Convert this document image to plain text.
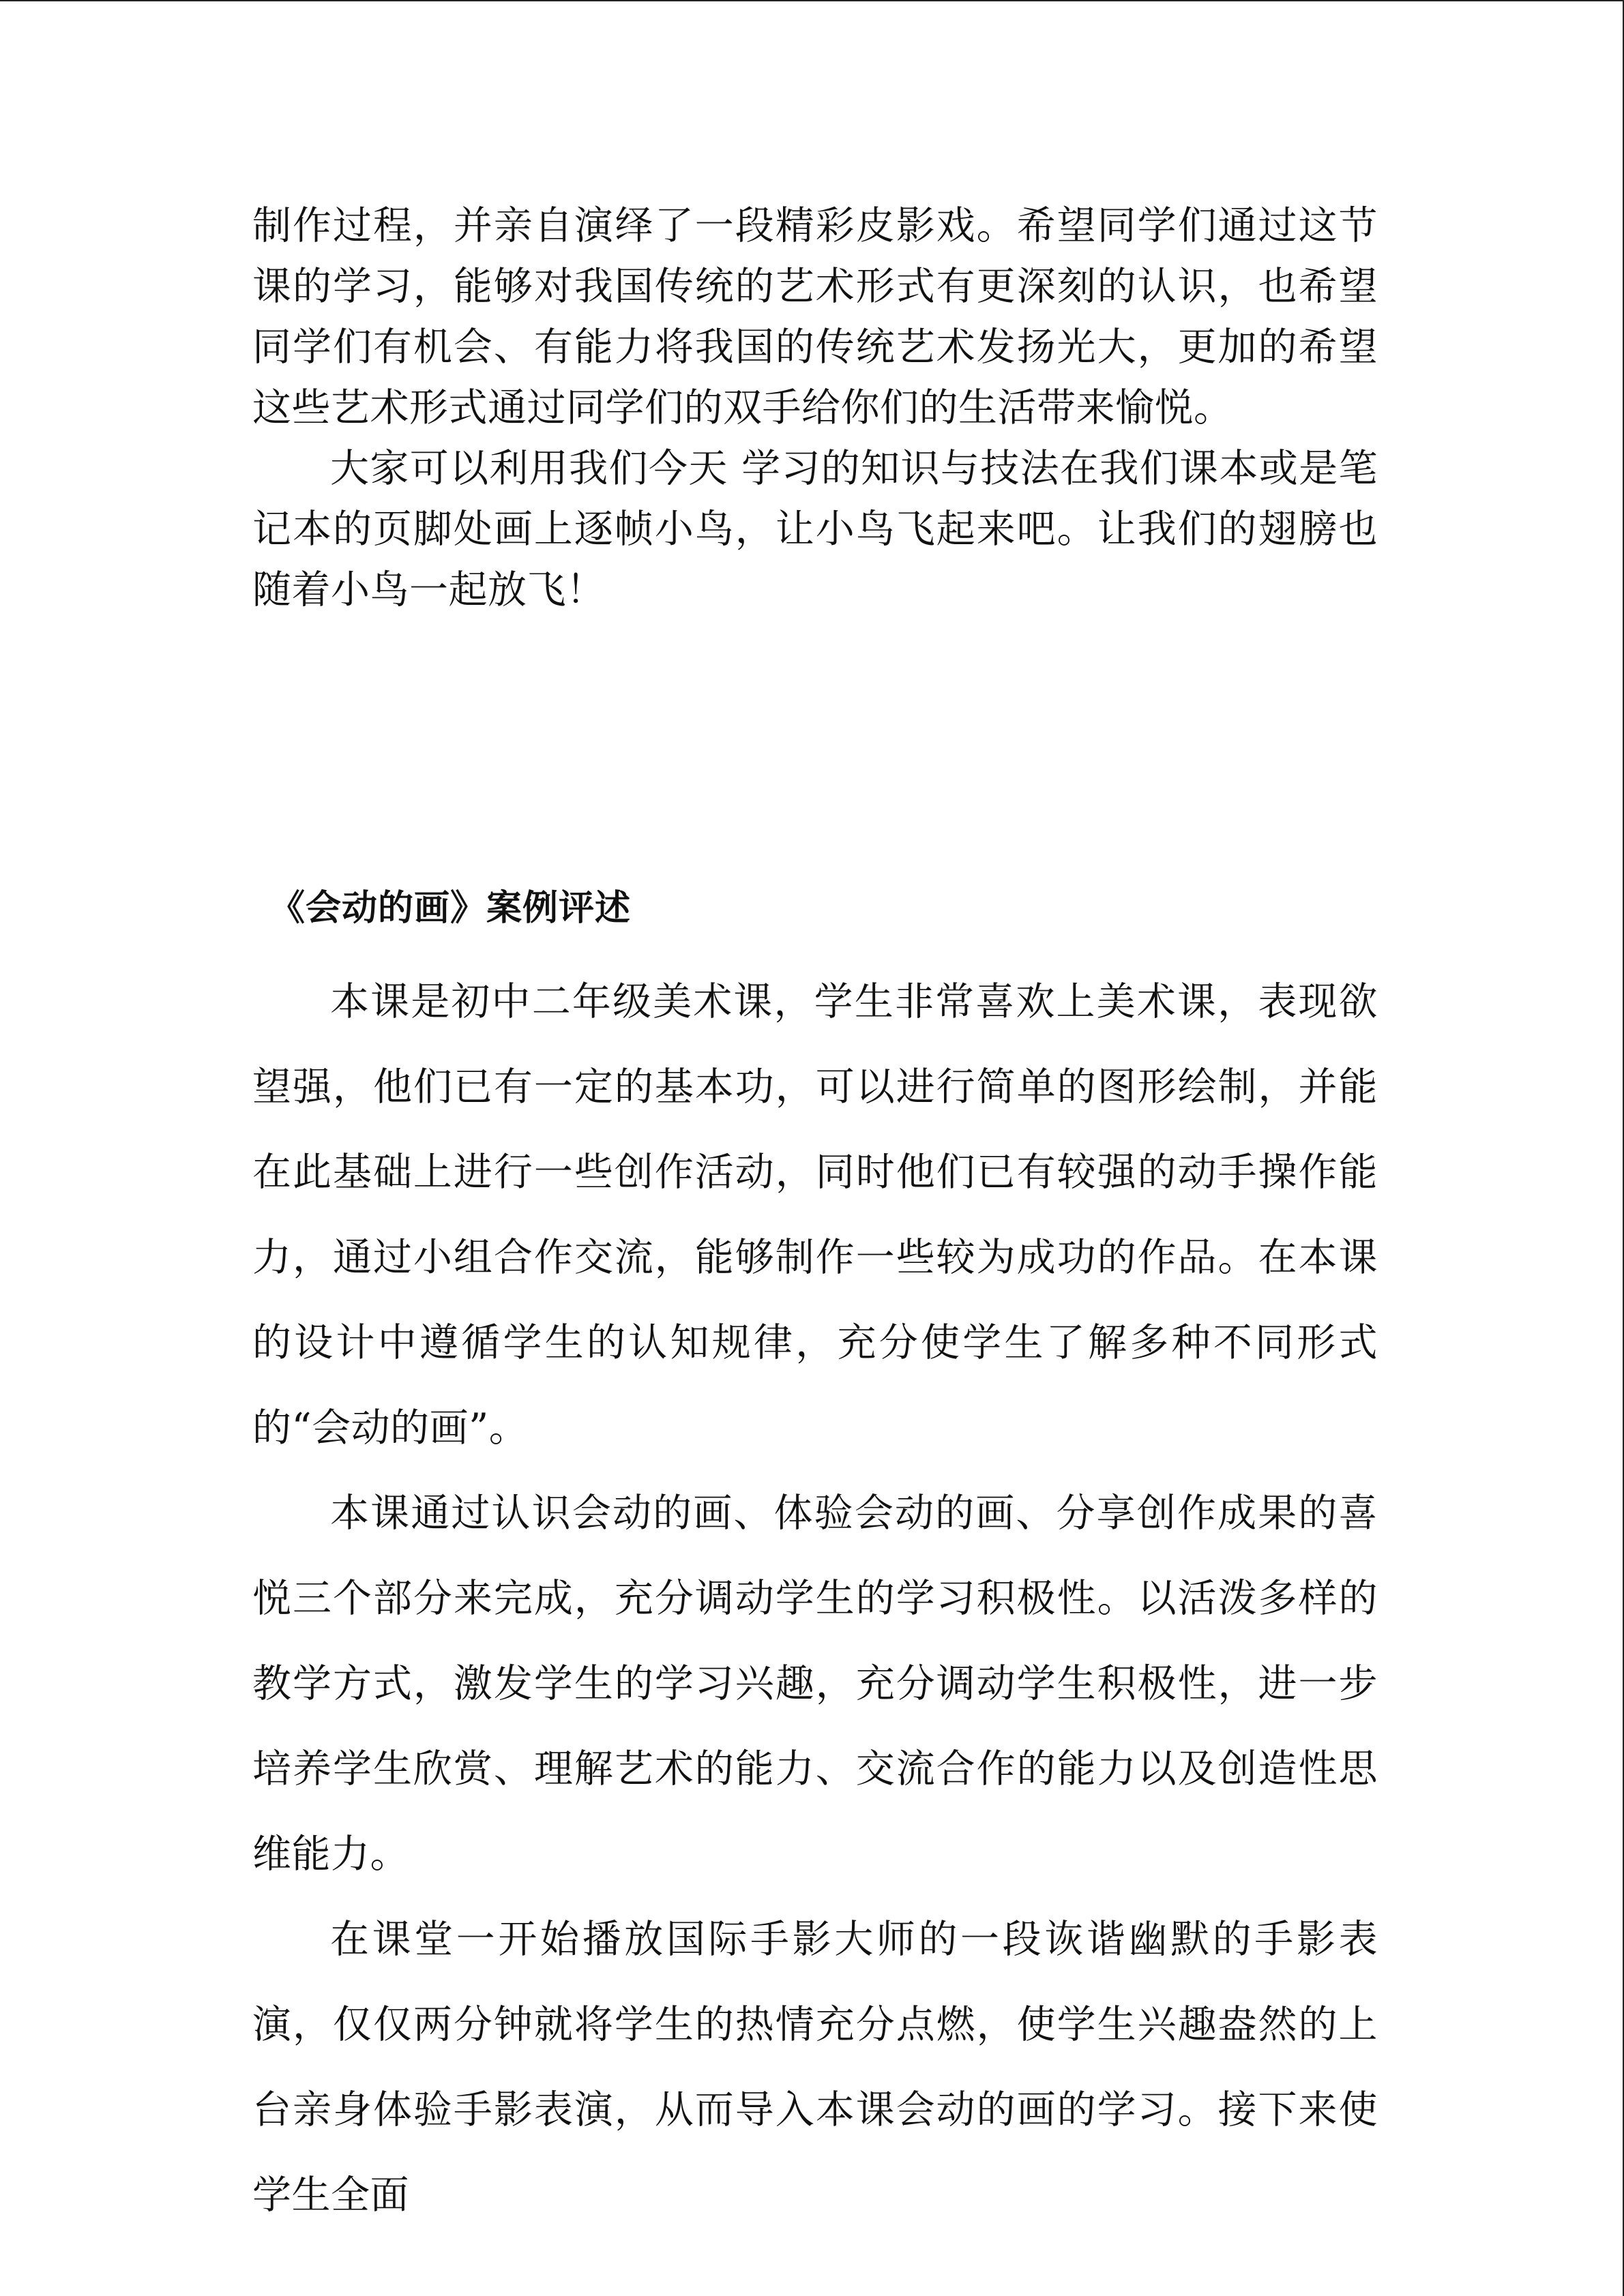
制作过程，并亲自演绎了一段精彩皮影戏。希望同学们通过这节课的学习，能够对我国传统的艺术形式有更深刻的认识，也希望同学们有机会、有能力将我国的传统艺术发扬光大，更加的希望这些艺术形式通过同学们的双手给你们的生活带来愉悦。

大家可以利用我们今天 学习的知识与技法在我们课本或是笔记本的页脚处画上逐帧小鸟，让小鸟飞起来吧。让我们的翅膀也随着小鸟一起放飞！

《会动的画》案例评述

本课是初中二年级美术课，学生非常喜欢上美术课，表现欲望强，他们已有一定的基本功，可以进行简单的图形绘制，并能在此基础上进行一些创作活动，同时他们已有较强的动手操作能力，通过小组合作交流，能够制作一些较为成功的作品。在本课的设计中遵循学生的认知规律，充分使学生了解多种不同形式的“会动的画”。

本课通过认识会动的画、体验会动的画、分享创作成果的喜悦三个部分来完成，充分调动学生的学习积极性。以活泼多样的教学方式，激发学生的学习兴趣，充分调动学生积极性，进一步培养学生欣赏、理解艺术的能力、交流合作的能力以及创造性思维能力。

在课堂一开始播放国际手影大师的一段诙谐幽默的手影表演，仅仅两分钟就将学生的热情充分点燃，使学生兴趣盎然的上台亲身体验手影表演，从而导入本课会动的画的学习。接下来使学生全面
